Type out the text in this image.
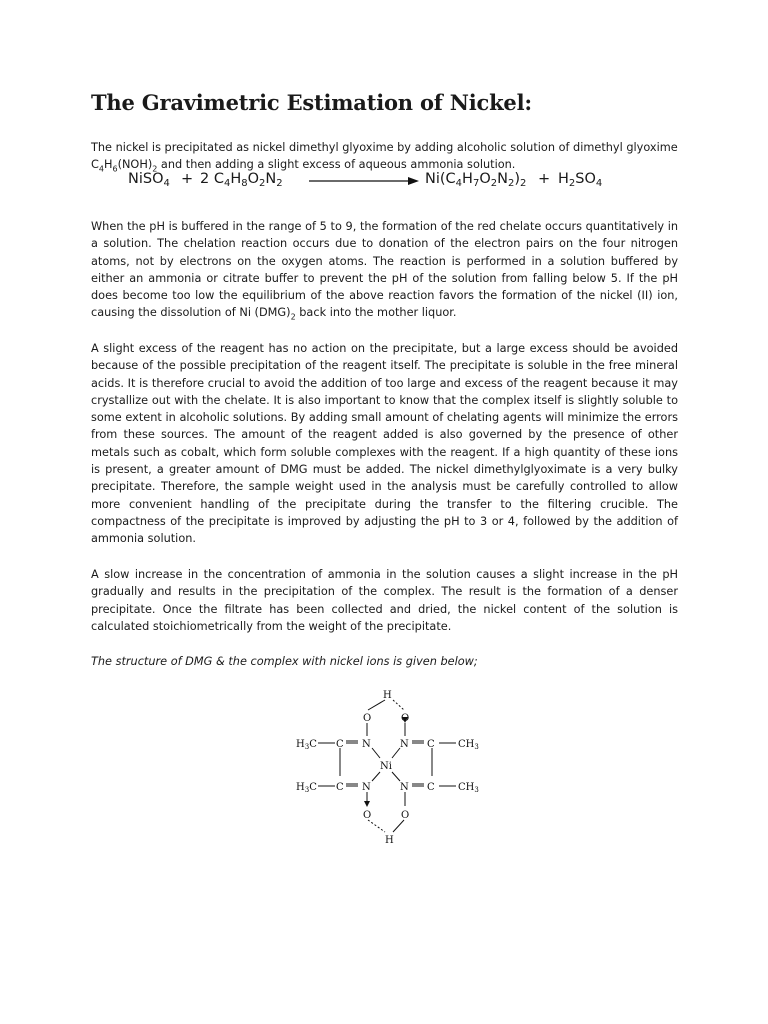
The Gravimetric Estimation of Nickel:

The nickel is precipitated as nickel dimethyl glyoxime by adding alcoholic solution of dimethyl glyoxime
$C_4H_6(NOH)_2$ and then adding a slight excess of aqueous ammonia solution.

NiSO$_4$ + 2 $C_4H_8O_2N_2$	$Ni(C_4H_7O_2N_2)_2 + H_2SO_4$

When the pH is buffered in the range of 5 to 9, the formation of the red chelate occurs quantitatively in a solution. The chelation reaction occurs due to donation of the electron pairs on the four nitrogen atoms, not by electrons on the oxygen atoms. The reaction is performed in a solution buffered by either an ammonia or citrate buffer to prevent the pH of the solution from falling below 5. If the pH does become too low the equilibrium of the above reaction favors the formation of the nickel (II) ion, causing the dissolution of Ni $(DMG)_2$ back into the mother liquor.

A slight excess of the reagent has no action on the precipitate, but a large excess should be avoided because of the possible precipitation of the reagent itself. The precipitate is soluble in the free mineral acids. It is therefore crucial to avoid the addition of too large and excess of the reagent because it may crystallize out with the chelate. It is also important to know that the complex itself is slightly soluble to some extent in alcoholic solutions. By adding small amount of chelating agents will minimize the errors from these sources. The amount of the reagent added is also governed by the presence of other metals such as cobalt, which form soluble complexes with the reagent. If a high quantity of these ions is present, a greater amount of DMG must be added. The nickel dimethylglyoximate is a very bulky precipitate. Therefore, the sample weight used in the analysis must be carefully controlled to allow more convenient handling of the precipitate during the transfer to the filtering crucible. The compactness of the precipitate is improved by adjusting the pH to 3 or 4, followed by the addition of ammonia solution.

A slow increase in the concentration of ammonia in the solution causes a slight increase in the pH gradually and results in the precipitation of the complex. The result is the formation of a denser precipitate. Once the filtrate has been collected and dried, the nickel content of the solution is calculated stoichiometrically from the weight of the precipitate.

The structure of DMG & the complex with nickel ions is given below;

H
O	O
$H_3C$ C N	N C $CH_3$
Ni
$H_3C$ C N	N C $CH_3$
O	O
H
